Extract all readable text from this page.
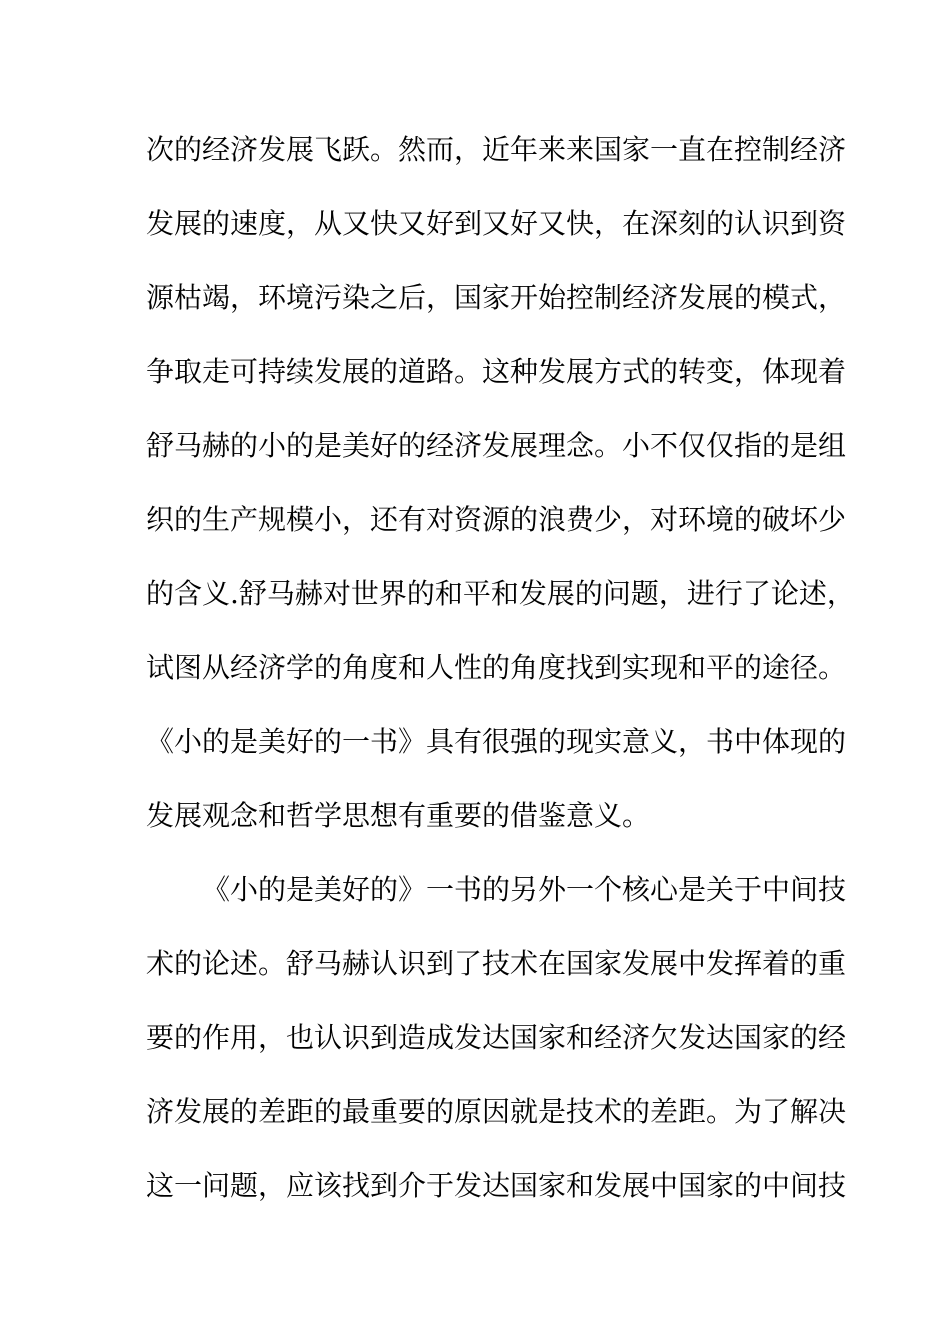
次的经济发展飞跃。然而，近年来来国家一直在控制经济
发展的速度，从又快又好到又好又快，在深刻的认识到资
源枯竭，环境污染之后，国家开始控制经济发展的模式，
争取走可持续发展的道路。这种发展方式的转变，体现着
舒马赫的小的是美好的经济发展理念。小不仅仅指的是组
织的生产规模小，还有对资源的浪费少，对环境的破坏少
的含义.舒马赫对世界的和平和发展的问题，进行了论述，
试图从经济学的角度和人性的角度找到实现和平的途径。
《小的是美好的一书》具有很强的现实意义，书中体现的
发展观念和哲学思想有重要的借鉴意义。
《小的是美好的》一书的另外一个核心是关于中间技
术的论述。舒马赫认识到了技术在国家发展中发挥着的重
要的作用，也认识到造成发达国家和经济欠发达国家的经
济发展的差距的最重要的原因就是技术的差距。为了解决
这一问题，应该找到介于发达国家和发展中国家的中间技
